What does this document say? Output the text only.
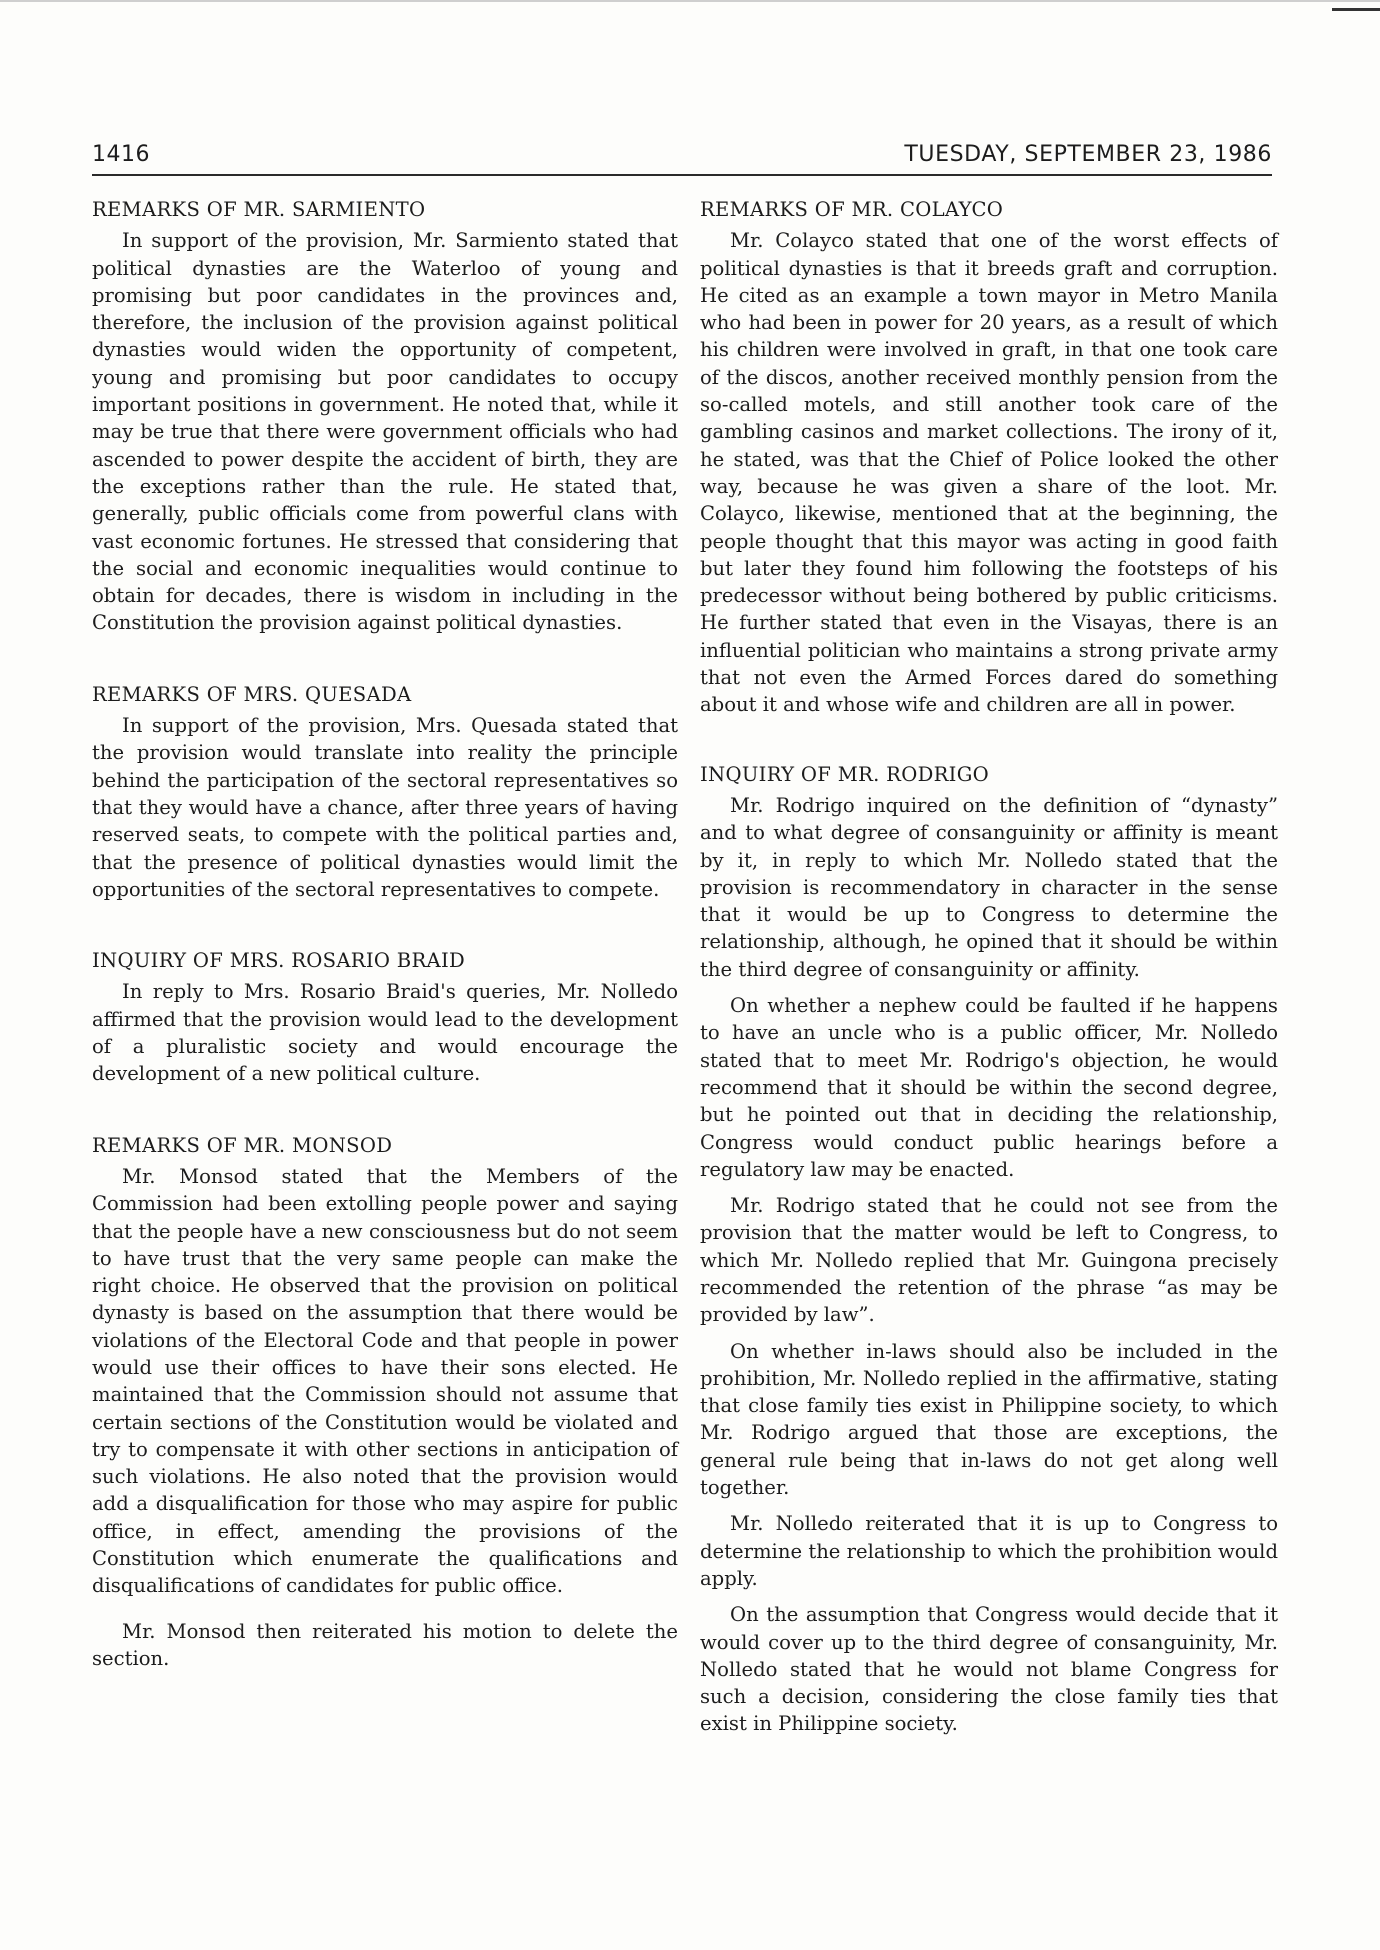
1416	TUESDAY, SEPTEMBER 23, 1986
REMARKS OF MR. SARMIENTO

In support of the provision, Mr. Sarmiento stated that political dynasties are the Waterloo of young and promising but poor candidates in the provinces and, therefore, the inclusion of the provision against political dynasties would widen the opportunity of competent, young and promising but poor candidates to occupy important positions in government. He noted that, while it may be true that there were government officials who had ascended to power despite the accident of birth, they are the exceptions rather than the rule. He stated that, generally, public officials come from powerful clans with vast economic fortunes. He stressed that considering that the social and economic inequalities would continue to obtain for decades, there is wisdom in including in the Constitution the provision against political dynasties.

REMARKS OF MRS. QUESADA

In support of the provision, Mrs. Quesada stated that the provision would translate into reality the principle behind the participation of the sectoral representatives so that they would have a chance, after three years of having reserved seats, to compete with the political parties and, that the presence of political dynasties would limit the opportunities of the sectoral representatives to compete.

INQUIRY OF MRS. ROSARIO BRAID

In reply to Mrs. Rosario Braid's queries, Mr. Nolledo affirmed that the provision would lead to the development of a pluralistic society and would encourage the development of a new political culture.

REMARKS OF MR. MONSOD

Mr. Monsod stated that the Members of the Commission had been extolling people power and saying that the people have a new consciousness but do not seem to have trust that the very same people can make the right choice. He observed that the provision on political dynasty is based on the assumption that there would be violations of the Electoral Code and that people in power would use their offices to have their sons elected. He maintained that the Commission should not assume that certain sections of the Constitution would be violated and try to compensate it with other sections in anticipation of such violations. He also noted that the provision would add a disqualification for those who may aspire for public office, in effect, amending the provisions of the Constitution which enumerate the qualifications and disqualifications of candidates for public office.

Mr. Monsod then reiterated his motion to delete the section.

REMARKS OF MR. COLAYCO

Mr. Colayco stated that one of the worst effects of political dynasties is that it breeds graft and corruption. He cited as an example a town mayor in Metro Manila who had been in power for 20 years, as a result of which his children were involved in graft, in that one took care of the discos, another received monthly pension from the so-called motels, and still another took care of the gambling casinos and market collections. The irony of it, he stated, was that the Chief of Police looked the other way, because he was given a share of the loot. Mr. Colayco, likewise, mentioned that at the beginning, the people thought that this mayor was acting in good faith but later they found him following the footsteps of his predecessor without being bothered by public criticisms. He further stated that even in the Visayas, there is an influential politician who maintains a strong private army that not even the Armed Forces dared do something about it and whose wife and children are all in power.

INQUIRY OF MR. RODRIGO

Mr. Rodrigo inquired on the definition of “dynasty” and to what degree of consanguinity or affinity is meant by it, in reply to which Mr. Nolledo stated that the provision is recommendatory in character in the sense that it would be up to Congress to determine the relationship, although, he opined that it should be within the third degree of consanguinity or affinity.

On whether a nephew could be faulted if he happens to have an uncle who is a public officer, Mr. Nolledo stated that to meet Mr. Rodrigo's objection, he would recommend that it should be within the second degree, but he pointed out that in deciding the relationship, Congress would conduct public hearings before a regulatory law may be enacted.

Mr. Rodrigo stated that he could not see from the provision that the matter would be left to Congress, to which Mr. Nolledo replied that Mr. Guingona precisely recommended the retention of the phrase “as may be provided by law”.

On whether in-laws should also be included in the prohibition, Mr. Nolledo replied in the affirmative, stating that close family ties exist in Philippine society, to which Mr. Rodrigo argued that those are exceptions, the general rule being that in-laws do not get along well together.

Mr. Nolledo reiterated that it is up to Congress to determine the relationship to which the prohibition would apply.

On the assumption that Congress would decide that it would cover up to the third degree of consanguinity, Mr. Nolledo stated that he would not blame Congress for such a decision, considering the close family ties that exist in Philippine society.
